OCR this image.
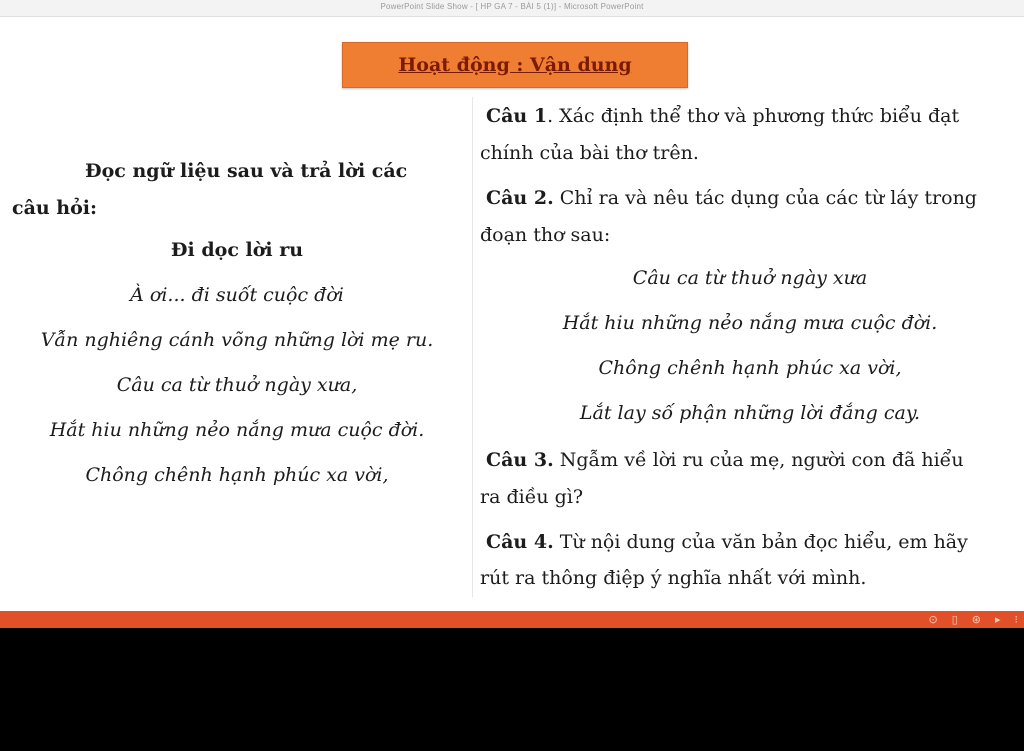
PowerPoint Slide Show - [ HP GA 7 - BÀI 5 (1)] - Microsoft PowerPoint
Hoạt động : Vận dung
Đọc ngữ liệu sau và trả lời các
câu hỏi:
Đi dọc lời ru
À ơi... đi suốt cuộc đời
Vẫn nghiêng cánh võng những lời mẹ ru.
Câu ca từ thuở ngày xưa,
Hắt hiu những nẻo nắng mưa cuộc đời.
Chông chênh hạnh phúc xa vời,
Câu 1. Xác định thể thơ và phương thức biểu đạt
chính của bài thơ trên.
Câu 2. Chỉ ra và nêu tác dụng của các từ láy trong
đoạn thơ sau:
Câu ca từ thuở ngày xưa
Hắt hiu những nẻo nắng mưa cuộc đời.
Chông chênh hạnh phúc xa vời,
Lắt lay số phận những lời đắng cay.
Câu 3. Ngẫm về lời ru của mẹ, người con đã hiểu
ra điều gì?
Câu 4. Từ nội dung của văn bản đọc hiểu, em hãy
rút ra thông điệp ý nghĩa nhất với mình.
⊙ ▯ ⊛ ▸ ⁝
